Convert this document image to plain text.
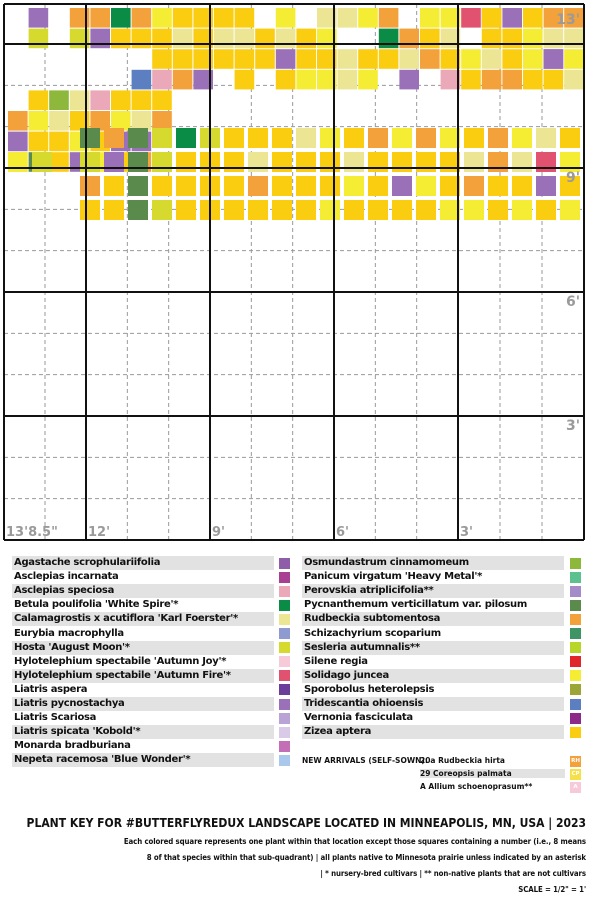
13'
9'
6'
3'
13'8.5" 12'	9'	6'	3'
Agastache scrophulariifolia
Asclepias incarnata
Asclepias speciosa
Betula poulifolia 'White Spire'*
Calamagrostis x acutiflora 'Karl Foerster'*
Eurybia macrophylla
Hosta 'August Moon'*
Hylotelephium spectabile 'Autumn Joy'*
Hylotelephium spectabile 'Autumn Fire'*
Liatris aspera
Liatris pycnostachya
Liatris Scariosa
Liatris spicata 'Kobold'*
Monarda bradburiana
Nepeta racemosa 'Blue Wonder'*
Osmundastrum cinnamomeum
Panicum virgatum 'Heavy Metal'*
Perovskia atriplicifolia**
Pycnanthemum verticillatum var. pilosum
Rudbeckia subtomentosa
Schizachyrium scoparium
Sesleria autumnalis**
Silene regia
Solidago juncea
Sporobolus heterolepsis
Tridescantia ohioensis
Vernonia fasciculata
Zizea aptera
NEW ARRIVALS (SELF-SOWN):
20a Rudbeckia hirta	RH
29 Coreopsis palmata	CP
A Allium schoenoprasum**	A
PLANT KEY FOR #BUTTERFLYREDUX LANDSCAPE LOCATED IN MINNEAPOLIS, MN, USA | 2023
Each colored square represents one plant within that location except those squares containing a number (i.e., 8 means
8 of that species within that sub-quadrant) | all plants native to Minnesota prairie unless indicated by an asterisk
| * nursery-bred cultivars | ** non-native plants that are not cultivars
SCALE = 1/2" = 1'
